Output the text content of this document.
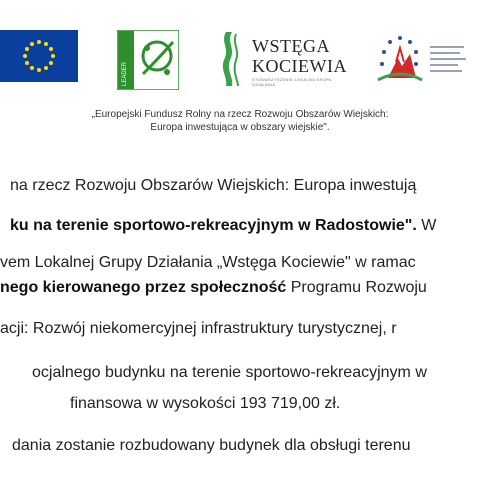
LEADER
WSTĘGA
KOCIEWIA
STOWARZYSZENIE LOKALNA GRUPA DZIAŁANIA
„Europejski Fundusz Rolny na rzecz Rozwoju Obszarów Wiejskich:
Europa inwestująca w obszary wiejskie".
na rzecz Rozwoju Obszarów Wiejskich: Europa inwestują
ku na terenie sportowo-rekreacyjnym w Radostowie". W
vem Lokalnej Grupy Działania „Wstęga Kociewie" w ramac
nego kierowanego przez społeczność Programu Rozwoju
acji: Rozwój niekomercyjnej infrastruktury turystycznej, r
ocjalnego budynku na terenie sportowo-rekreacyjnym w
finansowa w wysokości 193 719,00 zł.
dania zostanie rozbudowany budynek dla obsługi terenu
